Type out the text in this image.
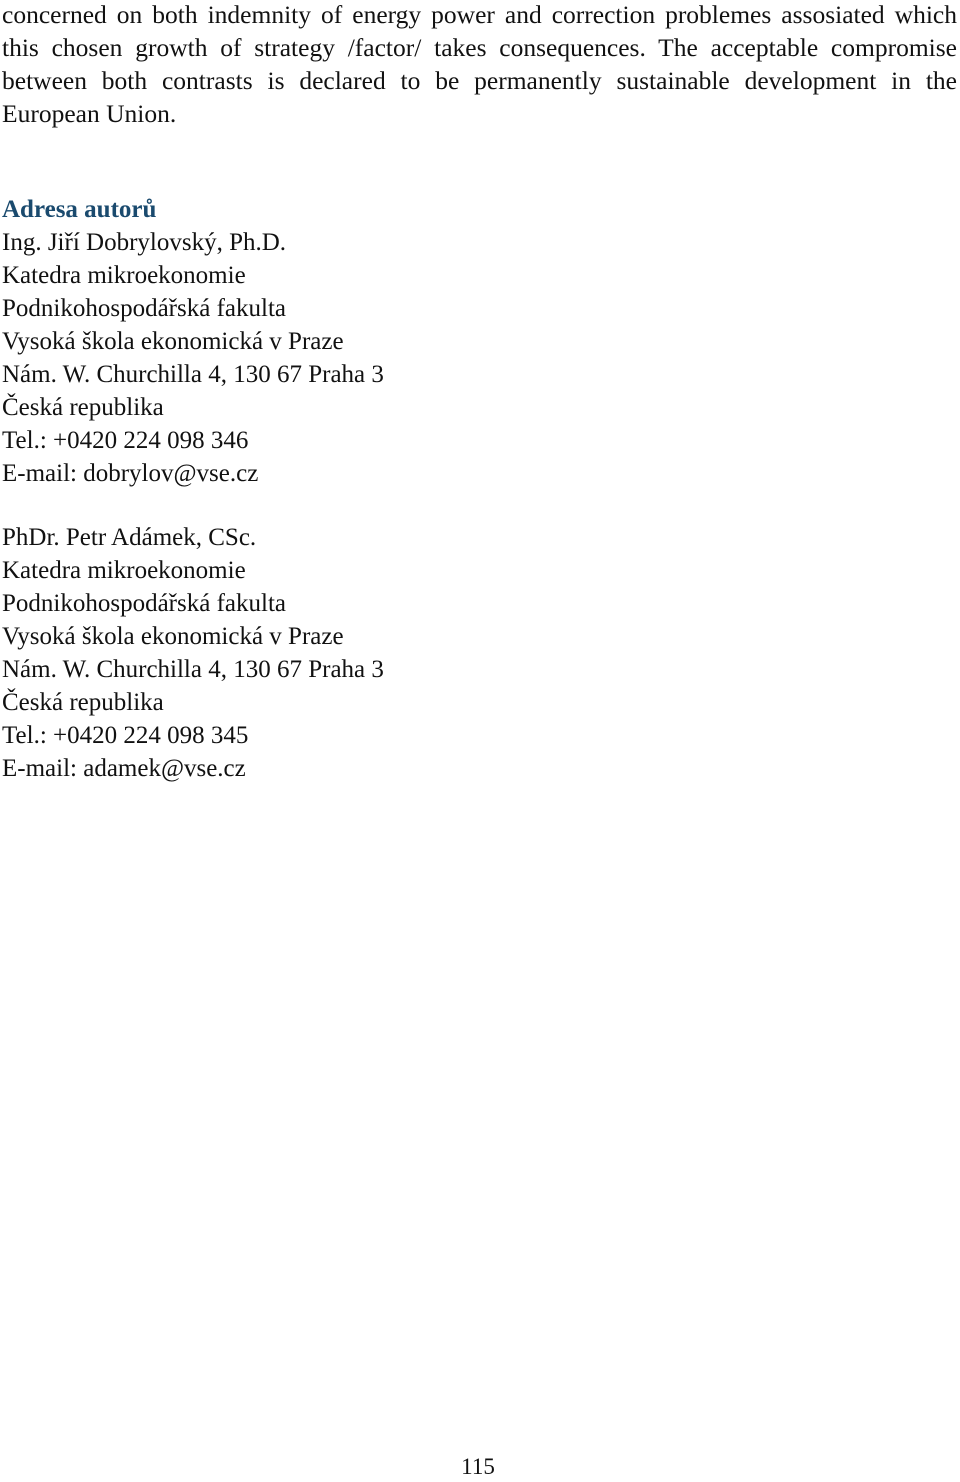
concerned on both indemnity of energy power and correction problemes assosiated which this chosen growth of strategy /factor/ takes consequences. The acceptable compromise between both contrasts is declared to be permanently sustainable development in the European Union.

Adresa autorů
Ing. Jiří Dobrylovský, Ph.D.
Katedra mikroekonomie
Podnikohospodářská fakulta
Vysoká škola ekonomická v Praze
Nám. W. Churchilla 4, 130 67 Praha 3
Česká republika
Tel.: +0420 224 098 346
E-mail: dobrylov@vse.cz
PhDr. Petr Adámek, CSc.
Katedra mikroekonomie
Podnikohospodářská fakulta
Vysoká škola ekonomická v Praze
Nám. W. Churchilla 4, 130 67 Praha 3
Česká republika
Tel.: +0420 224 098 345
E-mail: adamek@vse.cz
115
